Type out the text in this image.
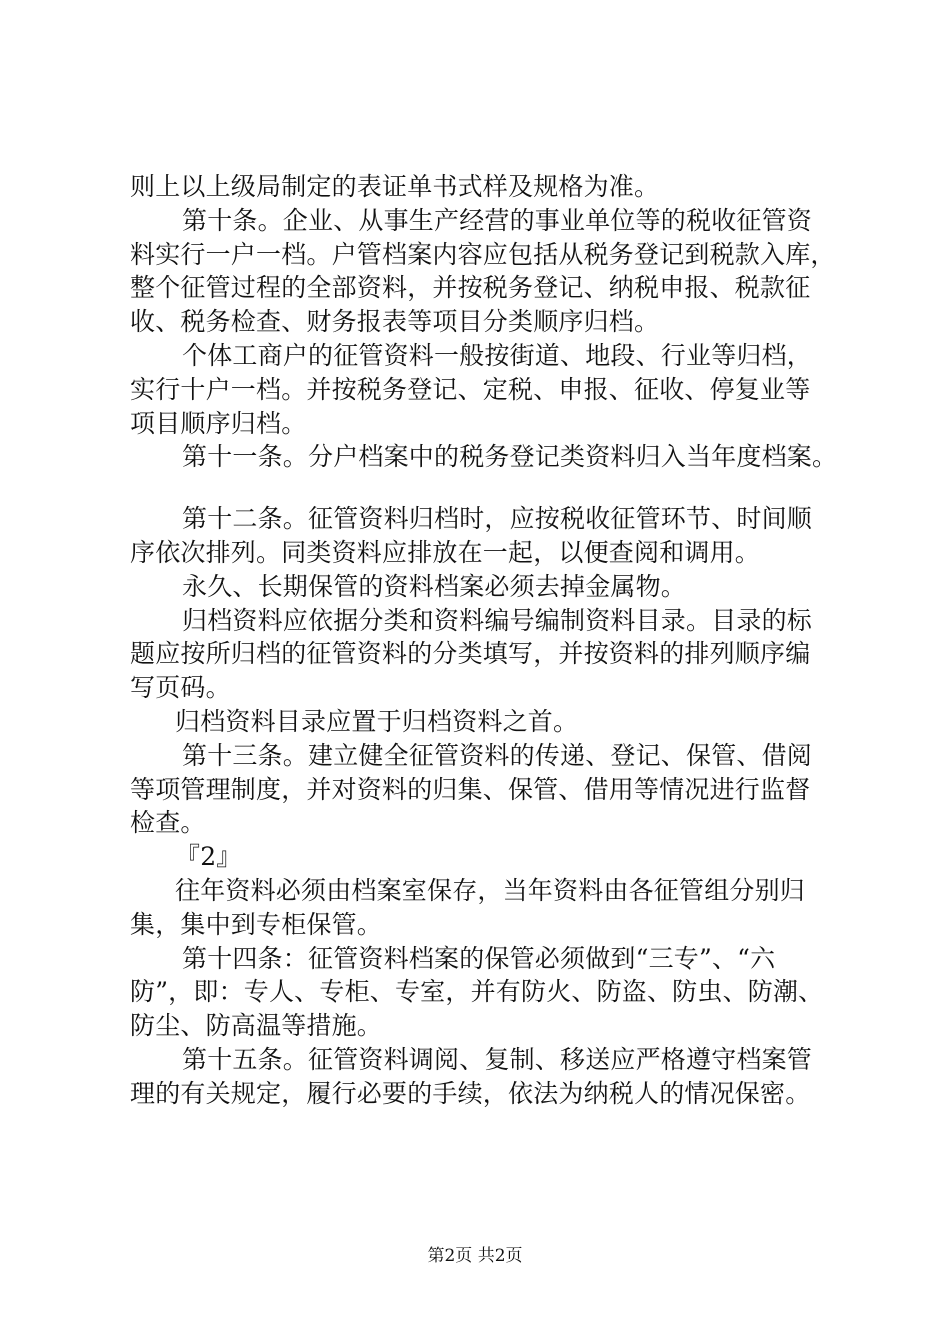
则上以上级局制定的表证单书式样及规格为准。
第十条。企业、从事生产经营的事业单位等的税收征管资
料实行一户一档。户管档案内容应包括从税务登记到税款入库，
整个征管过程的全部资料，并按税务登记、纳税申报、税款征
收、税务检查、财务报表等项目分类顺序归档。
个体工商户的征管资料一般按街道、地段、行业等归档，
实行十户一档。并按税务登记、定税、申报、征收、停复业等
项目顺序归档。
第十一条。分户档案中的税务登记类资料归入当年度档案。
第十二条。征管资料归档时，应按税收征管环节、时间顺
序依次排列。同类资料应排放在一起，以便查阅和调用。
永久、长期保管的资料档案必须去掉金属物。
归档资料应依据分类和资料编号编制资料目录。目录的标
题应按所归档的征管资料的分类填写，并按资料的排列顺序编
写页码。
归档资料目录应置于归档资料之首。
第十三条。建立健全征管资料的传递、登记、保管、借阅
等项管理制度，并对资料的归集、保管、借用等情况进行监督
检查。
『2』
往年资料必须由档案室保存，当年资料由各征管组分别归
集，集中到专柜保管。
第十四条：征管资料档案的保管必须做到“三专”、“六
防”，即：专人、专柜、专室，并有防火、防盗、防虫、防潮、
防尘、防高温等措施。
第十五条。征管资料调阅、复制、移送应严格遵守档案管
理的有关规定，履行必要的手续，依法为纳税人的情况保密。
第2页 共2页
